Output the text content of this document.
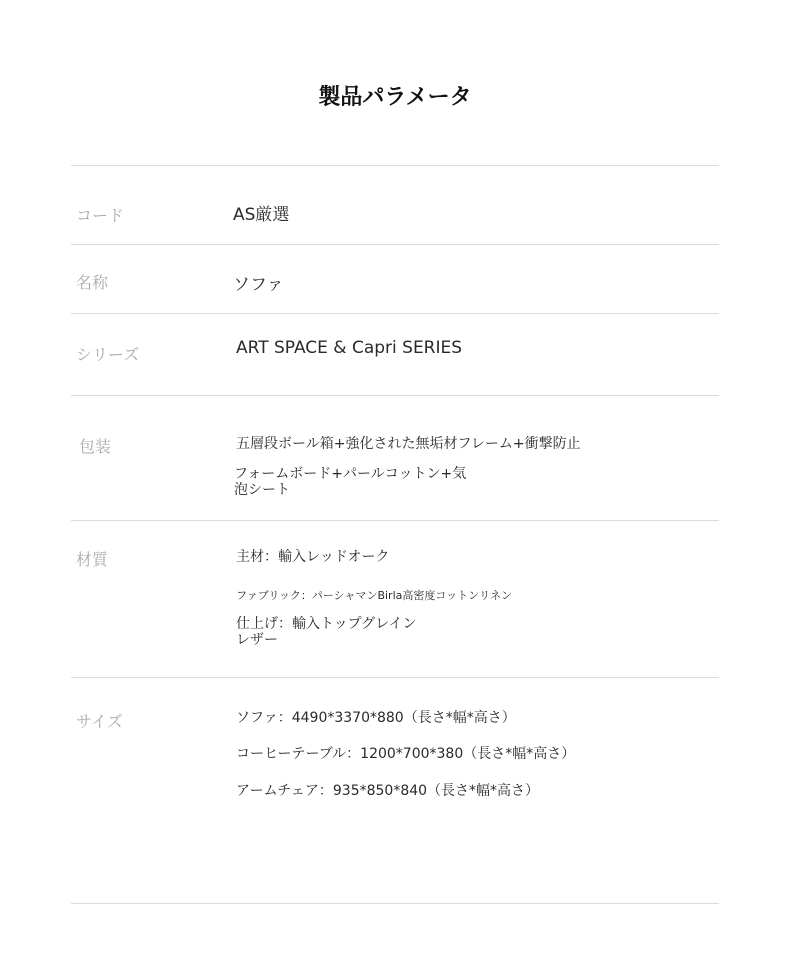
製品パラメータ
コード	AS厳選
名称	ソファ
シリーズ	ART SPACE & Capri SERIES
包装	五層段ボール箱+強化された無垢材フレーム+衝撃防止
フォームボード+パールコットン+気
泡シート
材質	主材：輸入レッドオーク
ファブリック：パーシャマンBirla高密度コットンリネン
仕上げ：輸入トップグレイン
レザー
サイズ	ソファ：4490*3370*880（長さ*幅*高さ）
コーヒーテーブル：1200*700*380（長さ*幅*高さ）
アームチェア：935*850*840（長さ*幅*高さ）
